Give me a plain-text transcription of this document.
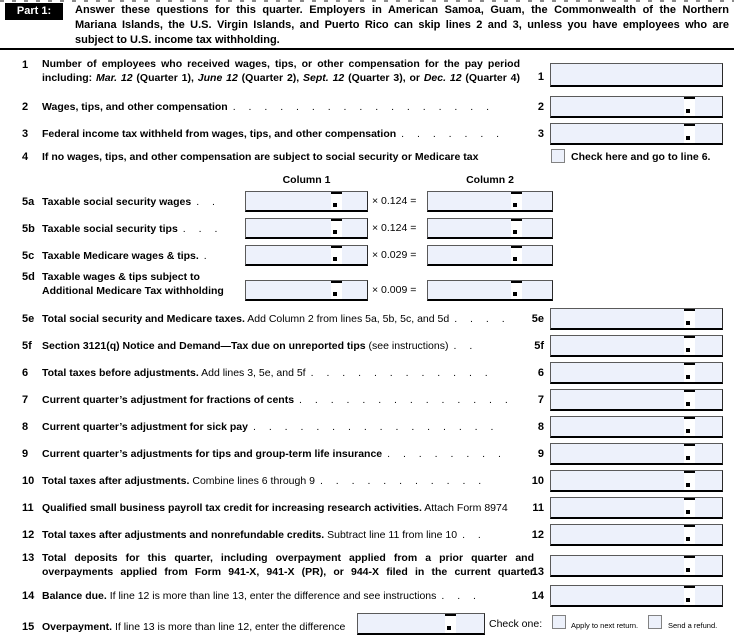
Part 1:	Answer these questions for this quarter. Employers in American Samoa, Guam, the Commonwealth of the Northern
Mariana Islands, the U.S. Virgin Islands, and Puerto Rico can skip lines 2 and 3, unless you have employees who are
subject to U.S. income tax withholding.
1 Number of employees who received wages, tips, or other compensation for the pay period
including: Mar. 12 (Quarter 1), June 12 (Quarter 2), Sept. 12 (Quarter 3), or Dec. 12 (Quarter 4)	1
2 Wages, tips, and other compensation . . . . . . . . . . . . . . . . .	2
3 Federal income tax withheld from wages, tips, and other compensation . . . . . . .	3
4 If no wages, tips, and other compensation are subject to social security or Medicare tax	Check here and go to line 6.
Column 1	Column 2
5a Taxable social security wages . .	× 0.124 =
5b Taxable social security tips . . .	× 0.124 =
5c Taxable Medicare wages & tips. .	× 0.029 =
5d Taxable wages & tips subject to
Additional Medicare Tax withholding	× 0.009 =
5e Total social security and Medicare taxes. Add Column 2 from lines 5a, 5b, 5c, and 5d . . . .	5e
5f Section 3121(q) Notice and Demand—Tax due on unreported tips (see instructions) . .	5f
6 Total taxes before adjustments. Add lines 3, 5e, and 5f . . . . . . . . . . . .	6
7 Current quarter’s adjustment for fractions of cents . . . . . . . . . . . . . .	7
8 Current quarter’s adjustment for sick pay . . . . . . . . . . . . . . . .	8
9 Current quarter’s adjustments for tips and group-term life insurance . . . . . . . .	9
10 Total taxes after adjustments. Combine lines 6 through 9 . . . . . . . . . . .	10
11 Qualified small business payroll tax credit for increasing research activities. Attach Form 8974	11
12 Total taxes after adjustments and nonrefundable credits. Subtract line 11 from line 10 . .	12
13 Total deposits for this quarter, including overpayment applied from a prior quarter and
overpayments applied from Form 941-X, 941-X (PR), or 944-X filed in the current quarter
13
14 Balance due. If line 12 is more than line 13, enter the difference and see instructions . . .	14
15 Overpayment. If line 13 is more than line 12, enter the difference	Check one:	Apply to next return.	Send a refund.
